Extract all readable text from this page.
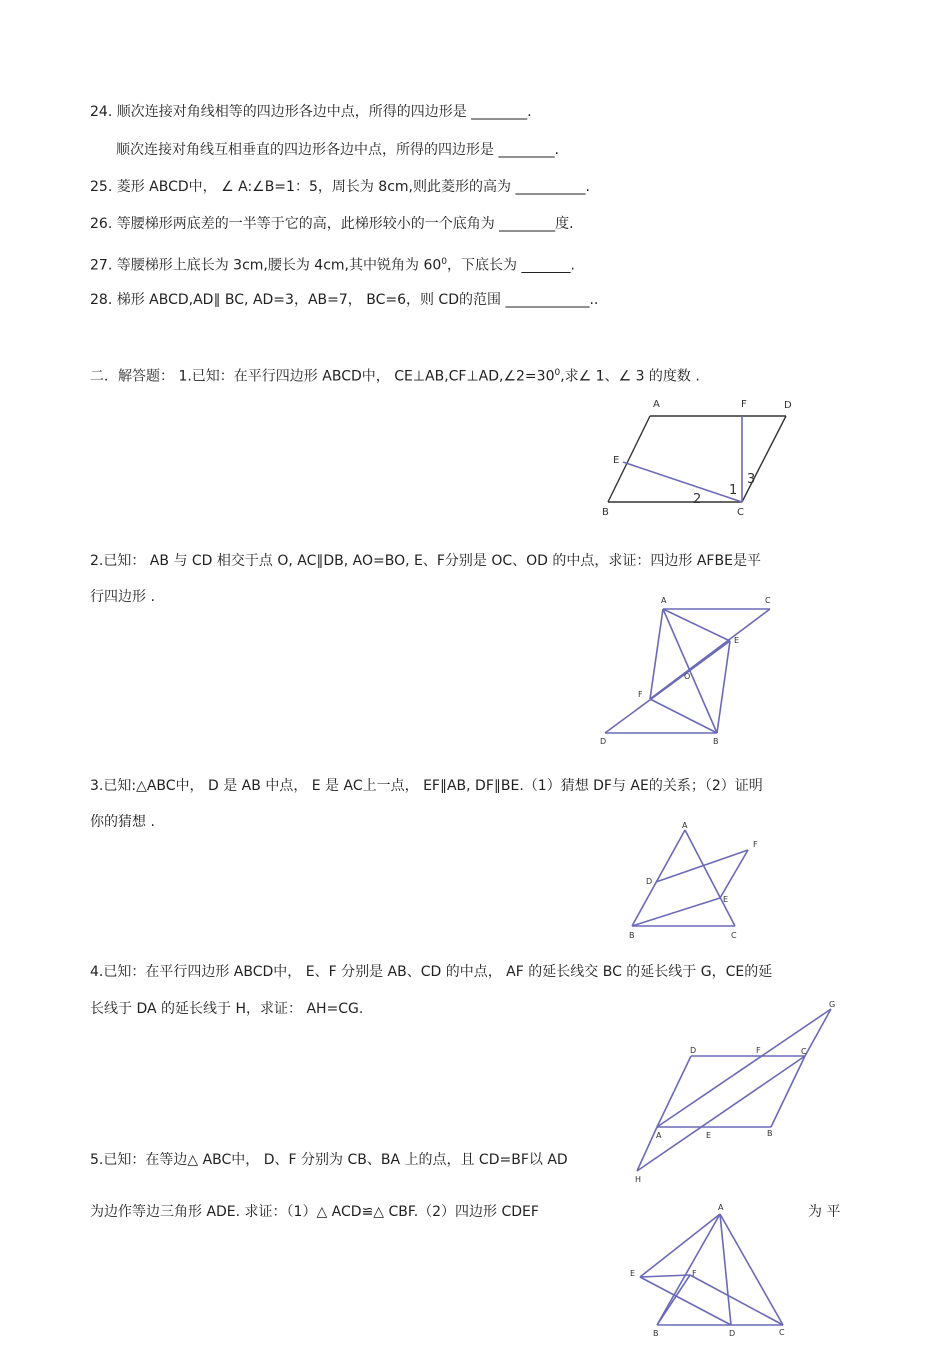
24. 顺次连接对角线相等的四边形各边中点，所得的四边形是 ________.
顺次连接对角线互相垂直的四边形各边中点，所得的四边形是 ________.
25. 菱形 ABCD中， ∠ A:∠B=1：5，周长为 8cm,则此菱形的高为 __________.
26. 等腰梯形两底差的一半等于它的高，此梯形较小的一个底角为 ________度.
27. 等腰梯形上底长为 3cm,腰长为 4cm,其中锐角为 $60^0$，下底长为 _______.
28. 梯形 ABCD,AD∥ BC, AD=3，AB=7， BC=6，则 CD的范围 ____________..
二．解答题： 1.已知：在平行四边形 ABCD中， $CE\perp AB,CF\perp AD,\angle 2=30^0$,求∠ 1、∠ 3 的度数 .
A	F	D
E
B	C
1
2
3
2.已知： AB 与 CD 相交于点 O, AC∥DB, AO=BO, E、F分别是 OC、OD 的中点，求证：四边形 AFBE是平
行四边形 .	A	C
E
O
F
D	B
3.已知:△ABC中， D 是 AB 中点， E 是 AC上一点， EF∥AB, DF∥BE.（1）猜想 DF与 AE的关系；（2）证明
你的猜想 .	A
F
D
E
B	C
4.已知：在平行四边形 ABCD中， E、F 分别是 AB、CD 的中点， AF 的延长线交 BC 的延长线于 G，CE的延
长线于 DA 的延长线于 H，求证： AH=CG.	G
D	F	C
A	E	B
H
5.已知：在等边△ ABC中， D、F 分别为 CB、BA 上的点，且 CD=BF以 AD
为边作等边三角形 ADE. 求证：（1）△ ACD≌△ CBF.（2）四边形 CDEF	为 平
A
E	F
B	D	C
